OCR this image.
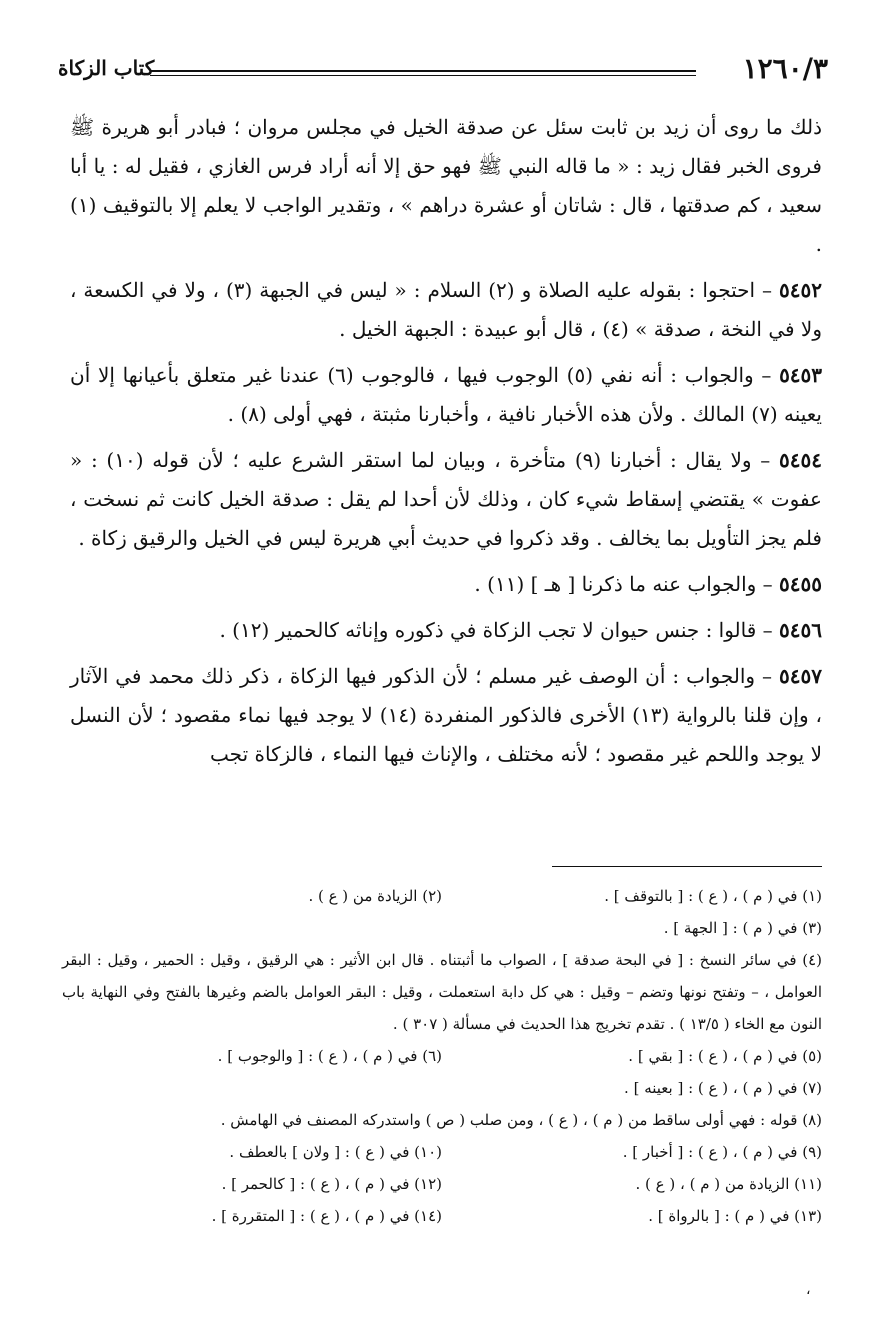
١٢٦٠/٣
كتاب الزكاة

ذلك ما روى أن زيد بن ثابت سئل عن صدقة الخيل في مجلس مروان ؛ فبادر أبو هريرة ﷺ فروى الخبر فقال زيد : « ما قاله النبي ﷺ فهو حق إلا أنه أراد فرس الغازي ، فقيل له : يا أبا سعيد ، كم صدقتها ، قال : شاتان أو عشرة دراهم » ، وتقدير الواجب لا يعلم إلا بالتوقيف (١) .

٥٤٥٢ – احتجوا : بقوله عليه الصلاة و (٢) السلام : « ليس في الجبهة (٣) ، ولا في الكسعة ، ولا في النخة ، صدقة » (٤) ، قال أبو عبيدة : الجبهة الخيل .

٥٤٥٣ – والجواب : أنه نفي (٥) الوجوب فيها ، فالوجوب (٦) عندنا غير متعلق بأعيانها إلا أن يعينه (٧) المالك . ولأن هذه الأخبار نافية ، وأخبارنا مثبتة ، فهي أولى (٨) .

٥٤٥٤ – ولا يقال : أخبارنا (٩) متأخرة ، وبيان لما استقر الشرع عليه ؛ لأن قوله (١٠) : « عفوت » يقتضي إسقاط شيء كان ، وذلك لأن أحدا لم يقل : صدقة الخيل كانت ثم نسخت ، فلم يجز التأويل بما يخالف . وقد ذكروا في حديث أبي هريرة ليس في الخيل والرقيق زكاة .

٥٤٥٥ – والجواب عنه ما ذكرنا [ هـ ] (١١) .

٥٤٥٦ – قالوا : جنس حيوان لا تجب الزكاة في ذكوره وإناثه كالحمير (١٢) .

٥٤٥٧ – والجواب : أن الوصف غير مسلم ؛ لأن الذكور فيها الزكاة ، ذكر ذلك محمد في الآثار ، وإن قلنا بالرواية (١٣) الأخرى فالذكور المنفردة (١٤) لا يوجد فيها نماء مقصود ؛ لأن النسل لا يوجد واللحم غير مقصود ؛ لأنه مختلف ، والإناث فيها النماء ، فالزكاة تجب

(١) في ( م ) ، ( ع ) : [ بالتوقف ] .
(٢) الزيادة من ( ع ) .
(٣) في ( م ) : [ الجهة ] .
(٤) في سائر النسخ : [ في البحة صدقة ] ، الصواب ما أثبتناه . قال ابن الأثير : هي الرقيق ، وقيل : الحمير ، وقيل : البقر العوامل ، – وتفتح نونها وتضم – وقيل : هي كل دابة استعملت ، وقيل : البقر العوامل بالضم وغيرها بالفتح وفي النهاية باب النون مع الخاء ( ١٣/٥ ) . تقدم تخريج هذا الحديث في مسألة ( ٣٠٧ ) .
(٥) في ( م ) ، ( ع ) : [ بقي ] .
(٦) في ( م ) ، ( ع ) : [ والوجوب ] .
(٧) في ( م ) ، ( ع ) : [ بعينه ] .
(٨) قوله : فهي أولى ساقط من ( م ) ، ( ع ) ، ومن صلب ( ص ) واستدركه المصنف في الهامش .
(٩) في ( م ) ، ( ع ) : [ أخبار ] .
(١٠) في ( ع ) : [ ولان ] بالعطف .
(١١) الزيادة من ( م ) ، ( ع ) .
(١٢) في ( م ) ، ( ع ) : [ كالحمر ] .
(١٣) في ( م ) : [ بالرواة ] .
(١٤) في ( م ) ، ( ع ) : [ المتقررة ] .
،
